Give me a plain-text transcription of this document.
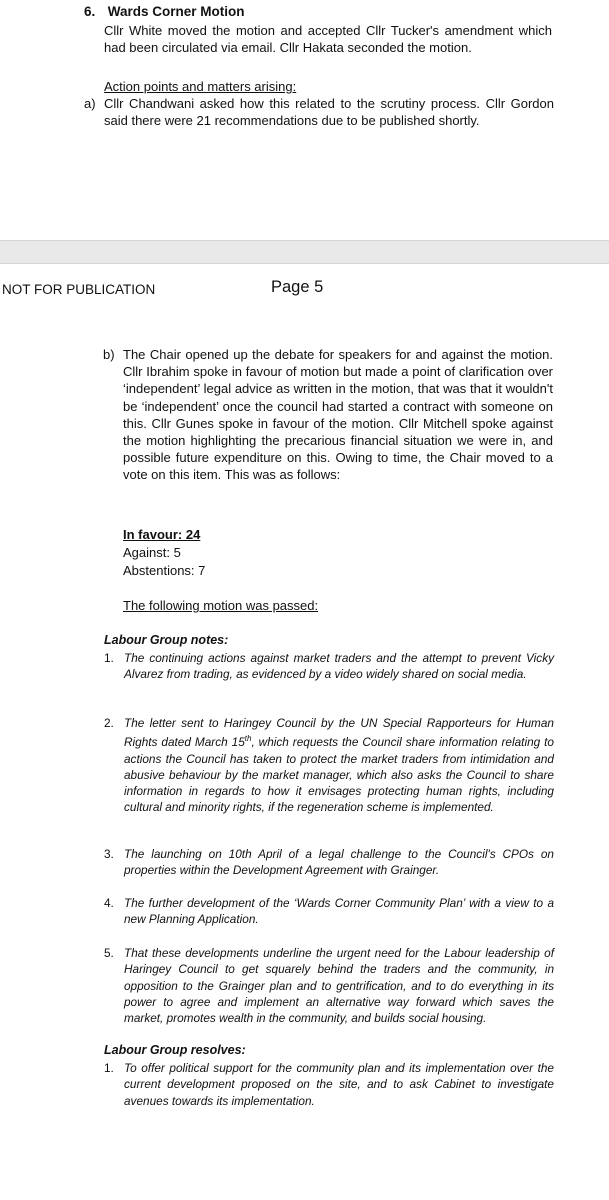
6. Wards Corner Motion
Cllr White moved the motion and accepted Cllr Tucker's amendment which had been circulated via email. Cllr Hakata seconded the motion.
Action points and matters arising:
a) Cllr Chandwani asked how this related to the scrutiny process. Cllr Gordon said there were 21 recommendations due to be published shortly.
NOT FOR PUBLICATION	Page 5
b) The Chair opened up the debate for speakers for and against the motion. Cllr Ibrahim spoke in favour of motion but made a point of clarification over ‘independent’ legal advice as written in the motion, that was that it wouldn't be ‘independent’ once the council had started a contract with someone on this. Cllr Gunes spoke in favour of the motion. Cllr Mitchell spoke against the motion highlighting the precarious financial situation we were in, and possible future expenditure on this. Owing to time, the Chair moved to a vote on this item. This was as follows:
In favour: 24
Against: 5
Abstentions: 7
The following motion was passed:
Labour Group notes:
1. The continuing actions against market traders and the attempt to prevent Vicky Alvarez from trading, as evidenced by a video widely shared on social media.
2. The letter sent to Haringey Council by the UN Special Rapporteurs for Human Rights dated March 15th, which requests the Council share information relating to actions the Council has taken to protect the market traders from intimidation and abusive behaviour by the market manager, which also asks the Council to share information in regards to how it envisages protecting human rights, including cultural and minority rights, if the regeneration scheme is implemented.
3. The launching on 10th April of a legal challenge to the Council's CPOs on properties within the Development Agreement with Grainger.
4. The further development of the ‘Wards Corner Community Plan’ with a view to a new Planning Application.
5. That these developments underline the urgent need for the Labour leadership of Haringey Council to get squarely behind the traders and the community, in opposition to the Grainger plan and to gentrification, and to do everything in its power to agree and implement an alternative way forward which saves the market, promotes wealth in the community, and builds social housing.
Labour Group resolves:
1. To offer political support for the community plan and its implementation over the current development proposed on the site, and to ask Cabinet to investigate avenues towards its implementation.
